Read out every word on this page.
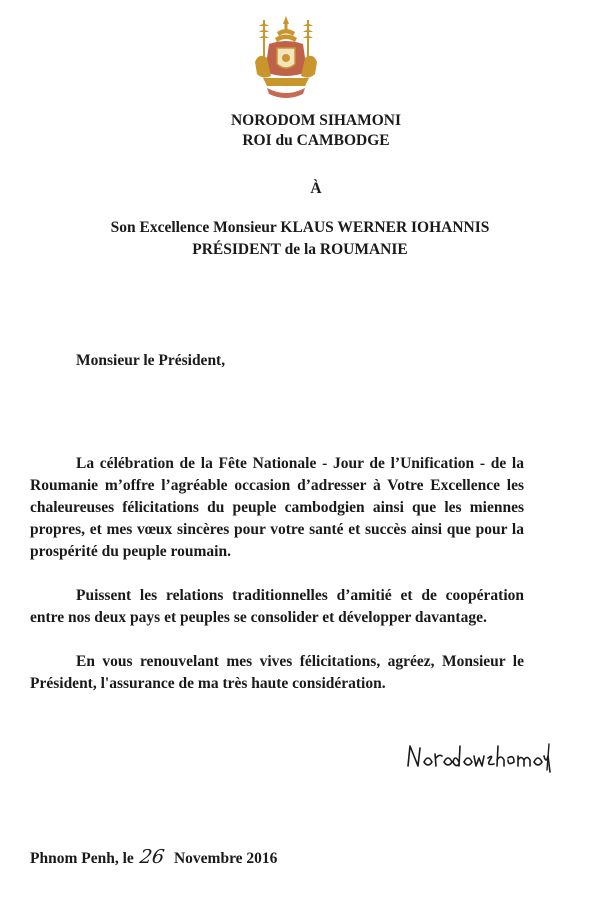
NORODOM SIHAMONI
ROI du CAMBODGE
À
Son Excellence Monsieur KLAUS WERNER IOHANNIS
PRÉSIDENT de la ROUMANIE
Monsieur le Président,

La célébration de la Fête Nationale - Jour de l’Unification - de la Roumanie m’offre l’agréable occasion d’adresser à Votre Excellence les chaleureuses félicitations du peuple cambodgien ainsi que les miennes propres, et mes vœux sincères pour votre santé et succès ainsi que pour la prospérité du peuple roumain.

Puissent les relations traditionnelles d’amitié et de coopération entre nos deux pays et peuples se consolider et développer davantage.

En vous renouvelant mes vives félicitations, agréez, Monsieur le Président, l'assurance de ma très haute considération.

Phnom Penh, le 26 Novembre 2016
